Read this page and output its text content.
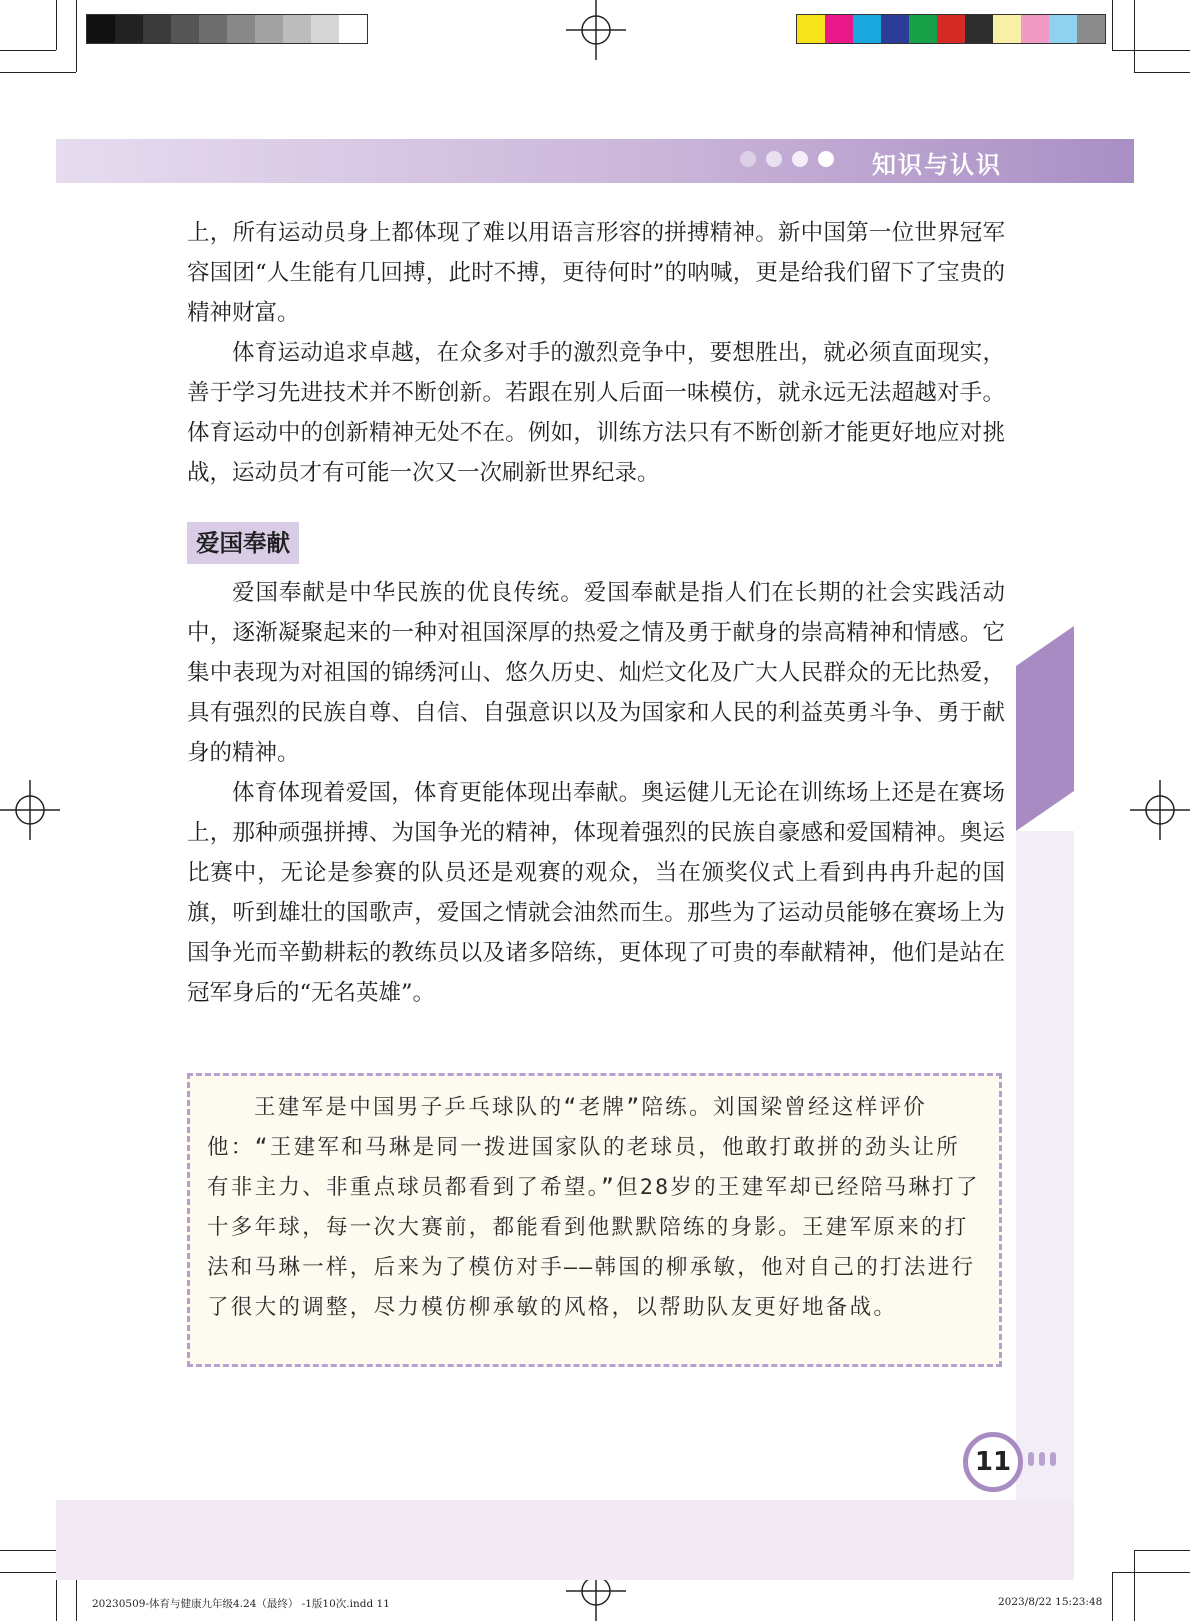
知识与认识

上，所有运动员身上都体现了难以用语言形容的拼搏精神。新中国第一位世界冠军容国团“人生能有几回搏，此时不搏，更待何时”的呐喊，更是给我们留下了宝贵的精神财富。

体育运动追求卓越，在众多对手的激烈竞争中，要想胜出，就必须直面现实，善于学习先进技术并不断创新。若跟在别人后面一味模仿，就永远无法超越对手。体育运动中的创新精神无处不在。例如，训练方法只有不断创新才能更好地应对挑战，运动员才有可能一次又一次刷新世界纪录。

爱国奉献

爱国奉献是中华民族的优良传统。爱国奉献是指人们在长期的社会实践活动中，逐渐凝聚起来的一种对祖国深厚的热爱之情及勇于献身的崇高精神和情感。它集中表现为对祖国的锦绣河山、悠久历史、灿烂文化及广大人民群众的无比热爱，具有强烈的民族自尊、自信、自强意识以及为国家和人民的利益英勇斗争、勇于献身的精神。

体育体现着爱国，体育更能体现出奉献。奥运健儿无论在训练场上还是在赛场上，那种顽强拼搏、为国争光的精神，体现着强烈的民族自豪感和爱国精神。奥运比赛中，无论是参赛的队员还是观赛的观众，当在颁奖仪式上看到冉冉升起的国旗，听到雄壮的国歌声，爱国之情就会油然而生。那些为了运动员能够在赛场上为国争光而辛勤耕耘的教练员以及诸多陪练，更体现了可贵的奉献精神，他们是站在冠军身后的“无名英雄”。

王建军是中国男子乒乓球队的“老牌”陪练。刘国梁曾经这样评价他：“王建军和马琳是同一拨进国家队的老球员，他敢打敢拼的劲头让所有非主力、非重点球员都看到了希望。”但28岁的王建军却已经陪马琳打了十多年球，每一次大赛前，都能看到他默默陪练的身影。王建军原来的打法和马琳一样，后来为了模仿对手——韩国的柳承敏，他对自己的打法进行了很大的调整，尽力模仿柳承敏的风格，以帮助队友更好地备战。

11
20230509-体育与健康九年级4.24（最终） -1版10次.indd 11	2023/8/22 15:23:48
